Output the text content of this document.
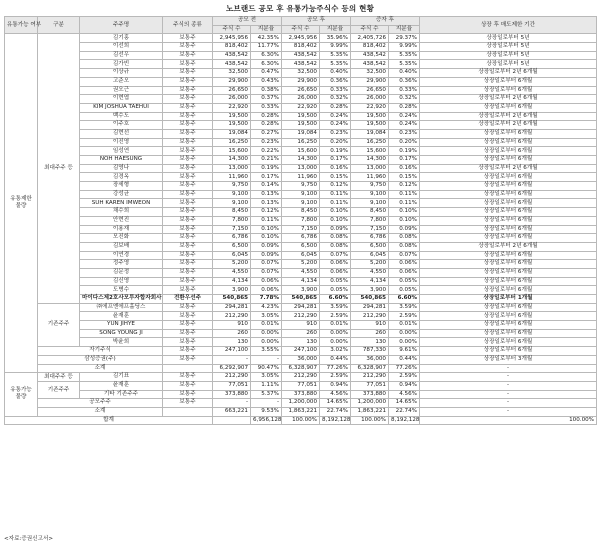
노브랜드 공모 후 유통가능주식수 등의 현황
유통가능 여부	구분	주주명	주식의 종류	공모 전		공모 후		증자 후		상장 후 매도제한 기간	
				주식 수	지분율	주식 수	지분율	주식 수	지분율		
유통제한 물량	최대주주 등	김기홍	보통주	2,945,956	42.35%	2,945,956	35.96%	2,405,726	29.37%	상장일로부터 5년	
		이선희	보통주	818,402	11.77%	818,402	9.99%	818,402	9.99%	상장일로부터 5년	
		김선우	보통주	438,542	6.30%	438,542	5.35%	438,542	5.35%	상장일로부터 5년	
		김가빈	보통주	438,542	6.30%	438,542	5.35%	438,542	5.35%	상장일로부터 5년	
		이상규	보통주	32,500	0.47%	32,500	0.40%	32,500	0.40%	상장일로부터 2년 6개월	
		고준오	보통주	29,900	0.43%	29,900	0.36%	29,900	0.36%	상장일로부터 6개월	
		권오근	보통주	26,650	0.38%	26,650	0.33%	26,650	0.33%	상장일로부터 6개월	
		이현엽	보통주	26,000	0.37%	26,000	0.32%	26,000	0.32%	상장일로부터 2년 6개월	
		KIM JOSHUA TAEHUI	보통주	22,920	0.33%	22,920	0.28%	22,920	0.28%	상장일로부터 6개월	
		백수도	보통주	19,500	0.28%	19,500	0.24%	19,500	0.24%	상장일로부터 2년 6개월	
		이주호	보통주	19,500	0.28%	19,500	0.24%	19,500	0.24%	상장일로부터 2년 6개월	
		김현선	보통주	19,084	0.27%	19,084	0.23%	19,084	0.23%	상장일로부터 6개월	
		이진영	보통주	16,250	0.23%	16,250	0.20%	16,250	0.20%	상장일로부터 6개월	
		임성연	보통주	15,600	0.22%	15,600	0.19%	15,600	0.19%	상장일로부터 6개월	
		NOH HAESUNG	보통주	14,300	0.21%	14,300	0.17%	14,300	0.17%	상장일로부터 6개월	
		김영나	보통주	13,000	0.19%	13,000	0.16%	13,000	0.16%	상장일로부터 2년 6개월	
		김경옥	보통주	11,960	0.17%	11,960	0.15%	11,960	0.15%	상장일로부터 6개월	
		장세형	보통주	9,750	0.14%	9,750	0.12%	9,750	0.12%	상장일로부터 6개월	
		강성균	보통주	9,100	0.13%	9,100	0.11%	9,100	0.11%	상장일로부터 6개월	
		SUH KAREN IMWEON	보통주	9,100	0.13%	9,100	0.11%	9,100	0.11%	상장일로부터 6개월	
		채수희	보통주	8,450	0.12%	8,450	0.10%	8,450	0.10%	상장일로부터 6개월	
		안현진	보통주	7,800	0.11%	7,800	0.10%	7,800	0.10%	상장일로부터 6개월	
		이용재	보통주	7,150	0.10%	7,150	0.09%	7,150	0.09%	상장일로부터 6개월	
		모진화	보통주	6,786	0.10%	6,786	0.08%	6,786	0.08%	상장일로부터 6개월	
		김보배	보통주	6,500	0.09%	6,500	0.08%	6,500	0.08%	상장일로부터 2년 6개월	
		이연경	보통주	6,045	0.09%	6,045	0.07%	6,045	0.07%	상장일로부터 6개월	
		정주영	보통주	5,200	0.07%	5,200	0.06%	5,200	0.06%	상장일로부터 6개월	
		김문정	보통주	4,550	0.07%	4,550	0.06%	4,550	0.06%	상장일로부터 6개월	
		김신영	보통주	4,134	0.06%	4,134	0.05%	4,134	0.05%	상장일로부터 6개월	
		도병수	보통주	3,900	0.06%	3,900	0.05%	3,900	0.05%	상장일로부터 6개월	
		마이다스제2호사모투자합자회사	전환우선주	540,865	7.78%	540,865	6.60%	540,865	6.60%	상장일로부터 1개월	
	기존주주	㈜에프엔에프홀딩스	보통주	294,281	4.23%	294,281	3.59%	294,281	3.59%	상장일로부터 6개월	
		윤재훈	보통주	212,290	3.05%	212,290	2.59%	212,290	2.59%	상장일로부터 6개월	
		YUN JIHYE	보통주	910	0.01%	910	0.01%	910	0.01%	상장일로부터 6개월	
		SONG YOUNG JI	보통주	260	0.00%	260	0.00%	260	0.00%	상장일로부터 6개월	
		박윤희	보통주	130	0.00%	130	0.00%	130	0.00%	상장일로부터 6개월	
	자기주식		보통주	247,100	3.55%	247,100	3.02%	787,330	9.61%	상장일로부터 6개월	
	삼성증권(주)		보통주	-	-	36,000	0.44%	36,000	0.44%	상장일로부터 3개월	
	소계			6,292,907	90.47%	6,328,907	77.26%	6,328,907	77.26%	-	
유통가능 물량	최대주주 등	김기표	보통주	212,290	3.05%	212,290	2.59%	212,290	2.59%	-	
	기존주주	윤재훈	보통주	77,051	1.11%	77,051	0.94%	77,051	0.94%	-	
		기타 기존주주	보통주	373,880	5.37%	373,880	4.56%	373,880	4.56%	-	
	공모주주		보통주	-	-	1,200,000	14.65%	1,200,000	14.65%	-	
	소계			663,221	9.53%	1,863,221	22.74%	1,863,221	22.74%	-	
합계					6,956,128	100.00%	8,192,128	100.00%	8,192,128	100.00%	
<자료:증권신고서>
